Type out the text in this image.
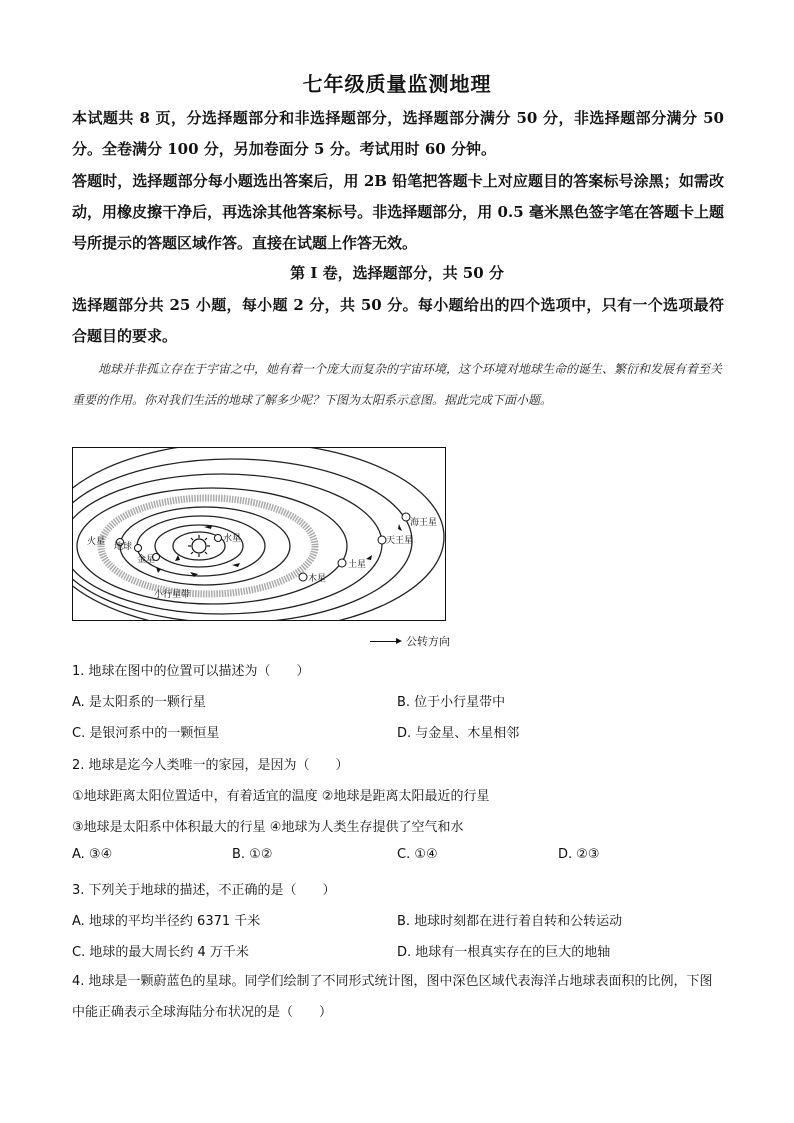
七年级质量监测地理
本试题共 8 页，分选择题部分和非选择题部分，选择题部分满分 50 分，非选择题部分满分 50 分。全卷满分 100 分，另加卷面分 5 分。考试用时 60 分钟。
答题时，选择题部分每小题选出答案后，用 2B 铅笔把答题卡上对应题目的答案标号涂黑；如需改动，用橡皮擦干净后，再选涂其他答案标号。非选择题部分，用 0.5 毫米黑色签字笔在答题卡上题号所提示的答题区域作答。直接在试题上作答无效。
第 I 卷，选择题部分，共 50 分
选择题部分共 25 小题，每小题 2 分，共 50 分。每小题给出的四个选项中，只有一个选项最符合题目的要求。
地球并非孤立存在于宇宙之中，她有着一个庞大而复杂的宇宙环境，这个环境对地球生命的诞生、繁衍和发展有着至关重要的作用。你对我们生活的地球了解多少呢？下图为太阳系示意图。据此完成下面小题。
水星
金星
地球
火星
木星
土星
天王星
海王星
小行星带
公转方向
1. 地球在图中的位置可以描述为（　　）
A. 是太阳系的一颗行星	B. 位于小行星带中
C. 是银河系中的一颗恒星	D. 与金星、木星相邻
2. 地球是迄今人类唯一的家园，是因为（　　）
①地球距离太阳位置适中，有着适宜的温度 ②地球是距离太阳最近的行星
③地球是太阳系中体积最大的行星 ④地球为人类生存提供了空气和水
A. ③④	B. ①②	C. ①④	D. ②③
3. 下列关于地球的描述，不正确的是（　　）
A. 地球的平均半径约 6371 千米	B. 地球时刻都在进行着自转和公转运动
C. 地球的最大周长约 4 万千米	D. 地球有一根真实存在的巨大的地轴
4. 地球是一颗蔚蓝色的星球。同学们绘制了不同形式统计图，图中深色区域代表海洋占地球表面积的比例，下图中能正确表示全球海陆分布状况的是（　　）
